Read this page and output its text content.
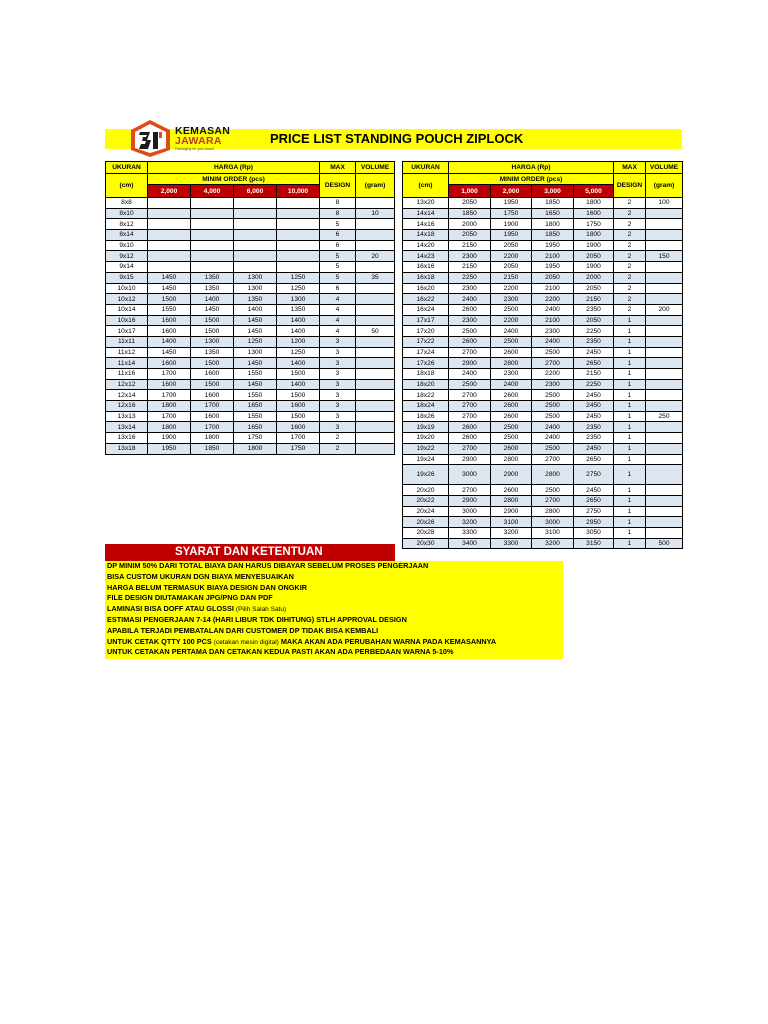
KEMASAN
JAWARA
Packaging for your brand
PRICE LIST STANDING POUCH ZIPLOCK
UKURAN	HARGA (Rp)				MAX	VOLUME
(cm)	MINIM ORDER (pcs)				DESIGN	(gram)
	2,000	4,000	6,000	10,000		
8x8					8	
8x10					8	10
8x12					5	
8x14					6	
9x10					6	
9x12					5	20
9x14					5	
9x15	1450	1350	1300	1250	5	35
10x10	1450	1350	1300	1250	6	
10x12	1500	1400	1350	1300	4	
10x14	1550	1450	1400	1350	4	
10x16	1600	1500	1450	1400	4	
10x17	1600	1500	1450	1400	4	50
11x11	1400	1300	1250	1200	3	
11x12	1450	1350	1300	1250	3	
11x14	1600	1500	1450	1400	3	
11x16	1700	1600	1550	1500	3	
12x12	1600	1500	1450	1400	3	
12x14	1700	1600	1550	1500	3	
12x16	1800	1700	1650	1600	3	
13x13	1700	1600	1550	1500	3	
13x14	1800	1700	1650	1600	3	
13x16	1900	1800	1750	1700	2	
13x18	1950	1850	1800	1750	2	
UKURAN	HARGA (Rp)				MAX	VOLUME
(cm)	MINIM ORDER (pcs)				DESIGN	(gram)
	1,000	2,000	3,000	5,000		
13x20	2050	1950	1850	1800	2	100
14x14	1850	1750	1650	1600	2	
14x16	2000	1900	1800	1750	2	
14x18	2050	1950	1850	1800	2	
14x20	2150	2050	1950	1900	2	
14x23	2300	2200	2100	2050	2	150
16x16	2150	2050	1950	1900	2	
16x18	2250	2150	2050	2000	2	
16x20	2300	2200	2100	2050	2	
16x22	2400	2300	2200	2150	2	
16x24	2600	2500	2400	2350	2	200
17x17	2300	2200	2100	2050	1	
17x20	2500	2400	2300	2250	1	
17x22	2600	2500	2400	2350	1	
17x24	2700	2600	2500	2450	1	
17x26	2900	2800	2700	2650	1	
18x18	2400	2300	2200	2150	1	
18x20	2500	2400	2300	2250	1	
18x22	2700	2600	2500	2450	1	
18x24	2700	2600	2500	2450	1	
18x26	2700	2600	2500	2450	1	250
19x19	2600	2500	2400	2350	1	
19x20	2600	2500	2400	2350	1	
19x22	2700	2600	2500	2450	1	
19x24	2900	2800	2700	2650	1	
19x26	3000	2900	2800	2750	1	
20x20	2700	2600	2500	2450	1	
20x22	2900	2800	2700	2650	1	
20x24	3000	2900	2800	2750	1	
20x26	3200	3100	3000	2950	1	
20x28	3300	3200	3100	3050	1	
20x30	3400	3300	3200	3150	1	500
SYARAT DAN KETENTUAN
DP MINIM 50% DARI TOTAL BIAYA DAN HARUS DIBAYAR SEBELUM PROSES PENGERJAAN
BISA CUSTOM UKURAN DGN BIAYA MENYESUAIKAN
HARGA BELUM TERMASUK BIAYA DESIGN DAN ONGKIR
FILE DESIGN DIUTAMAKAN JPG/PNG DAN PDF
LAMINASI BISA DOFF ATAU GLOSSI (Pilih Salah Satu)
ESTIMASI PENGERJAAN 7-14 (HARI LIBUR TDK DIHITUNG) STLH APPROVAL DESIGN
APABILA TERJADI PEMBATALAN DARI CUSTOMER DP TIDAK BISA KEMBALI
UNTUK CETAK QTTY 100 PCS (cetakan mesin digital) MAKA AKAN ADA PERUBAHAN WARNA PADA KEMASANNYA
UNTUK CETAKAN PERTAMA DAN CETAKAN KEDUA PASTI AKAN ADA PERBEDAAN WARNA 5-10%
